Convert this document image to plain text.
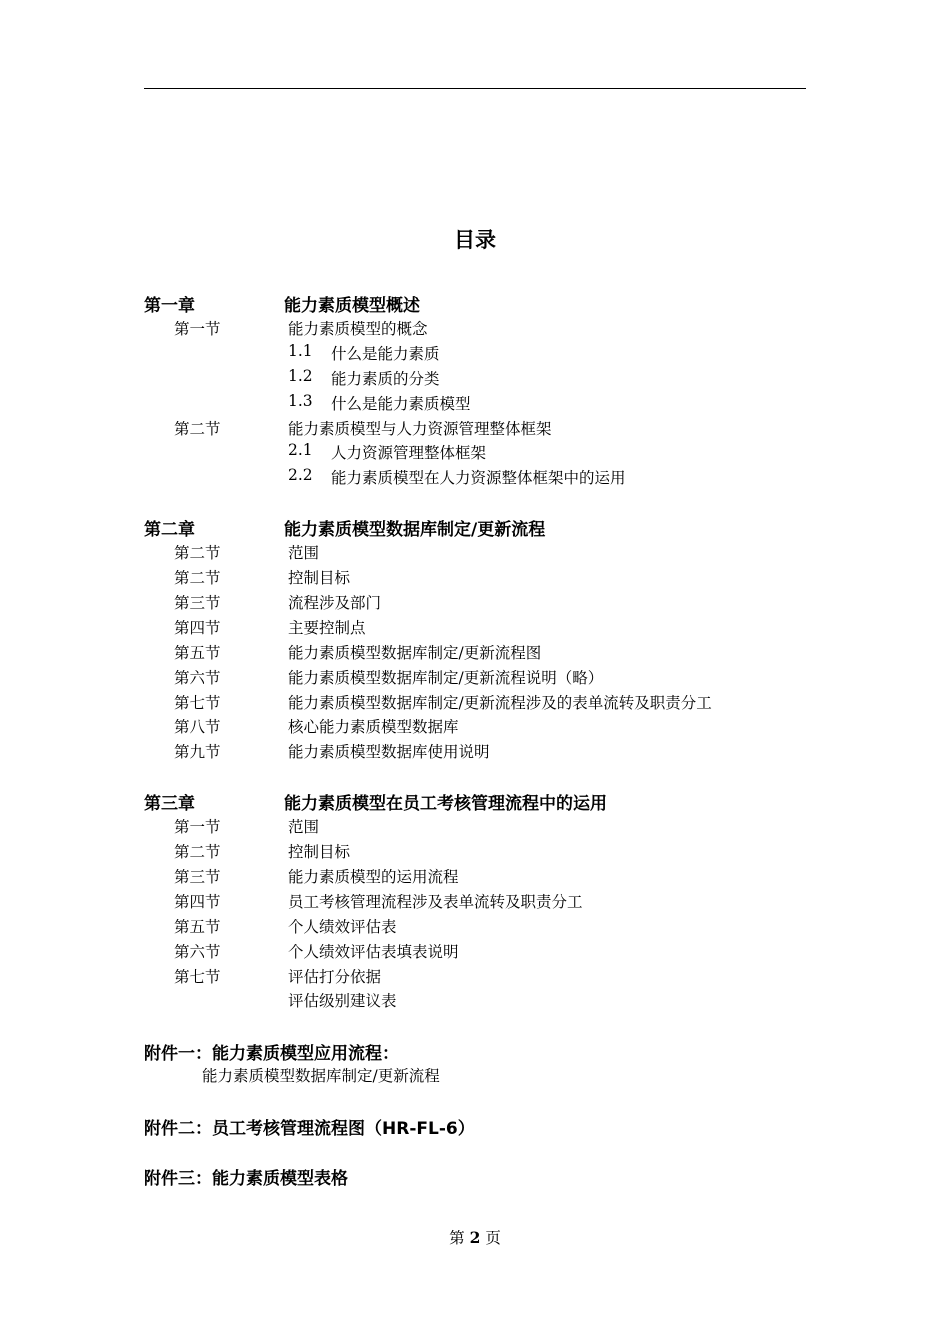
目录
第一章	能力素质模型概述
第一节	能力素质模型的概念
1.1 什么是能力素质
1.2 能力素质的分类
1.3 什么是能力素质模型
第二节	能力素质模型与人力资源管理整体框架
2.1 人力资源管理整体框架
2.2 能力素质模型在人力资源整体框架中的运用
第二章	能力素质模型数据库制定/更新流程
第二节	范围
第二节	控制目标
第三节	流程涉及部门
第四节	主要控制点
第五节	能力素质模型数据库制定/更新流程图
第六节	能力素质模型数据库制定/更新流程说明（略）
第七节	能力素质模型数据库制定/更新流程涉及的表单流转及职责分工
第八节	核心能力素质模型数据库
第九节	能力素质模型数据库使用说明
第三章	能力素质模型在员工考核管理流程中的运用
第一节	范围
第二节	控制目标
第三节	能力素质模型的运用流程
第四节	员工考核管理流程涉及表单流转及职责分工
第五节	个人绩效评估表
第六节	个人绩效评估表填表说明
第七节	评估打分依据
评估级别建议表
附件一：能力素质模型应用流程：
能力素质模型数据库制定/更新流程
附件二：员工考核管理流程图（HR-FL-6）
附件三：能力素质模型表格
第 2 页
